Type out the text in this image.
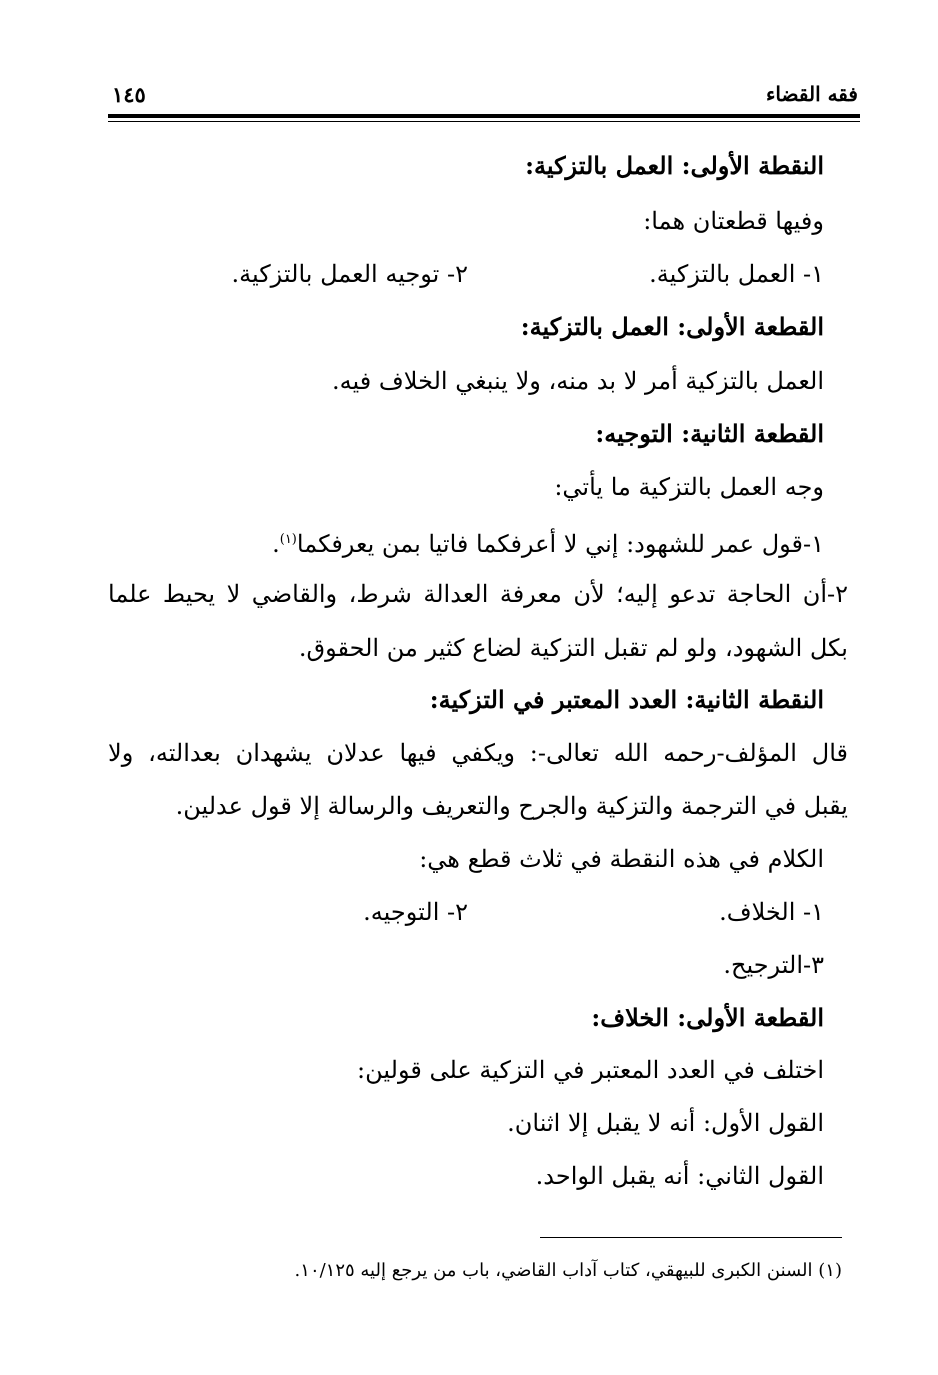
فقه القضاء
١٤٥
النقطة الأولى: العمل بالتزكية:
وفيها قطعتان هما:
١- العمل بالتزكية.
٢- توجيه العمل بالتزكية.
القطعة الأولى: العمل بالتزكية:
العمل بالتزكية أمر لا بد منه، ولا ينبغي الخلاف فيه.
القطعة الثانية: التوجيه:
وجه العمل بالتزكية ما يأتي:
١-قول عمر للشهود: إني لا أعرفكما فاتيا بمن يعرفكما$^{(١)}$.
٢-أن الحاجة تدعو إليه؛ لأن معرفة العدالة شرط، والقاضي لا يحيط علما
بكل الشهود، ولو لم تقبل التزكية لضاع كثير من الحقوق.
النقطة الثانية: العدد المعتبر في التزكية:
قال المؤلف-رحمه الله تعالى-: ويكفي فيها عدلان يشهدان بعدالته، ولا
يقبل في الترجمة والتزكية والجرح والتعريف والرسالة إلا قول عدلين.
الكلام في هذه النقطة في ثلاث قطع هي:
١- الخلاف.
٢- التوجيه.
٣-الترجيح.
القطعة الأولى: الخلاف:
اختلف في العدد المعتبر في التزكية على قولين:
القول الأول: أنه لا يقبل إلا اثنان.
القول الثاني: أنه يقبل الواحد.
(١) السنن الكبرى للبيهقي، كتاب آداب القاضي، باب من يرجع إليه ١٠/١٢٥.
